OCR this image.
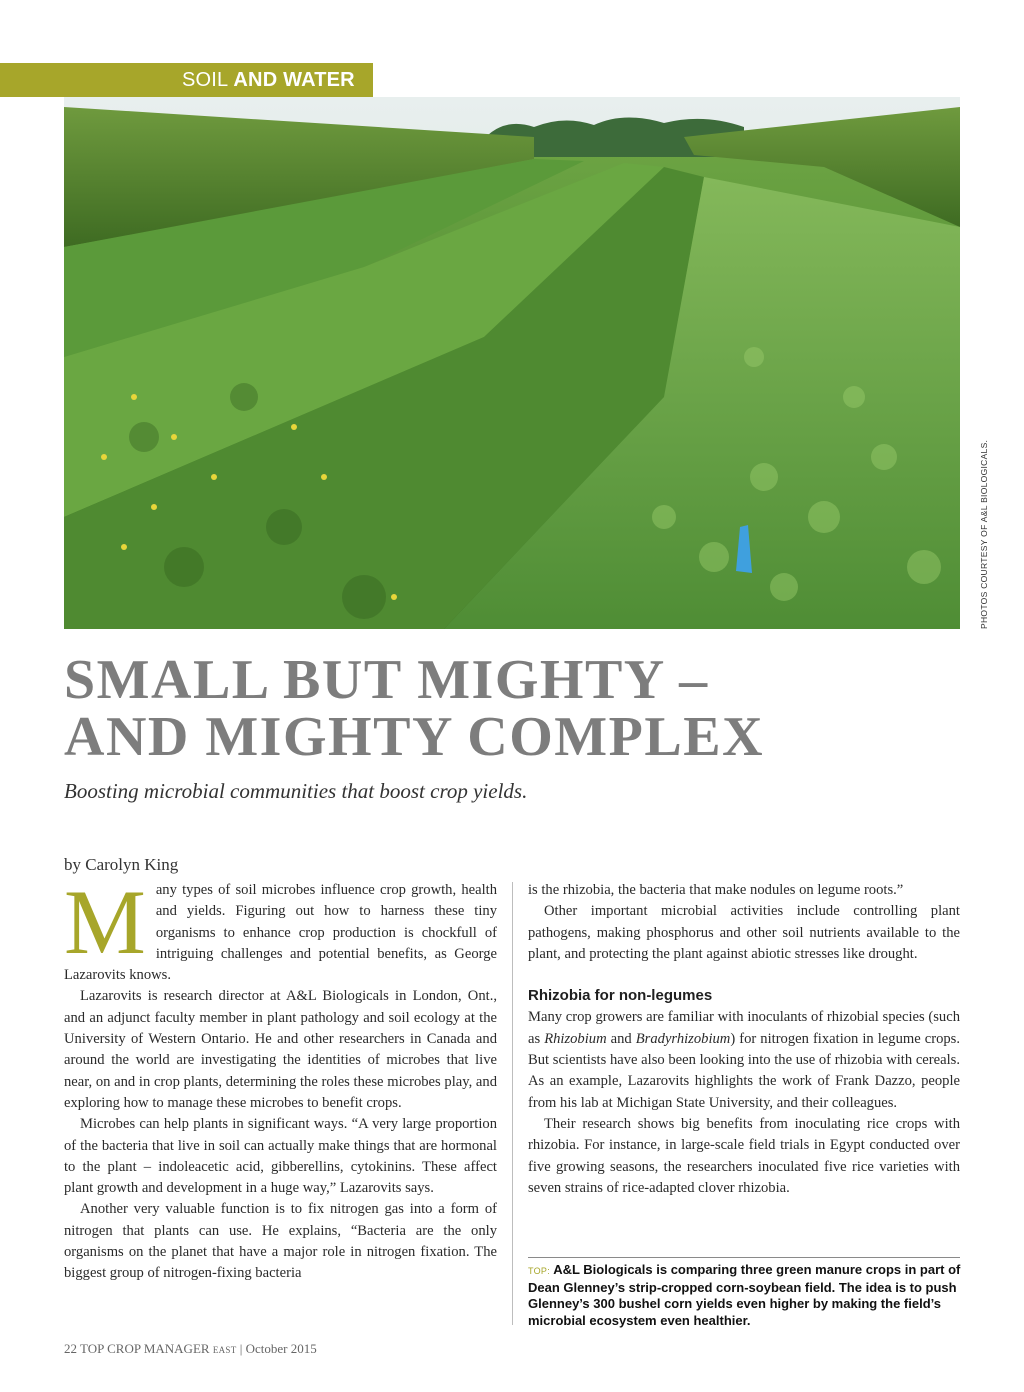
SOIL AND WATER
PHOTOS COURTESY OF A&L BIOLOGICALS.
SMALL BUT MIGHTY –
AND MIGHTY COMPLEX
Boosting microbial communities that boost crop yields.
by Carolyn King
M any types of soil microbes influence crop growth, health and yields. Figuring out how to harness these tiny organisms to enhance crop production is chockfull of intriguing challenges and potential benefits, as George Lazarovits knows.

Lazarovits is research director at A&L Biologicals in London, Ont., and an adjunct faculty member in plant pathology and soil ecology at the University of Western Ontario. He and other researchers in Canada and around the world are investigating the identities of microbes that live near, on and in crop plants, determining the roles these microbes play, and exploring how to manage these microbes to benefit crops.

Microbes can help plants in significant ways. “A very large proportion of the bacteria that live in soil can actually make things that are hormonal to the plant – indoleacetic acid, gibberellins, cytokinins. These affect plant growth and development in a huge way,” Lazarovits says.

Another very valuable function is to fix nitrogen gas into a form of nitrogen that plants can use. He explains, “Bacteria are the only organisms on the planet that have a major role in nitrogen fixation. The biggest group of nitrogen-fixing bacteria

is the rhizobia, the bacteria that make nodules on legume roots.”

Other important microbial activities include controlling plant pathogens, making phosphorus and other soil nutrients available to the plant, and protecting the plant against abiotic stresses like drought.

Rhizobia for non-legumes

Many crop growers are familiar with inoculants of rhizobial species (such as Rhizobium and Bradyrhizobium) for nitrogen fixation in legume crops. But scientists have also been looking into the use of rhizobia with cereals. As an example, Lazarovits highlights the work of Frank Dazzo, people from his lab at Michigan State University, and their colleagues.

Their research shows big benefits from inoculating rice crops with rhizobia. For instance, in large-scale field trials in Egypt conducted over five growing seasons, the researchers inoculated five rice varieties with seven strains of rice-adapted clover rhizobia.

TOP: A&L Biologicals is comparing three green manure crops in part of Dean Glenney’s strip-cropped corn-soybean field. The idea is to push Glenney’s 300 bushel corn yields even higher by making the field’s microbial ecosystem even healthier.
22 TOP CROP MANAGER EAST | October 2015
